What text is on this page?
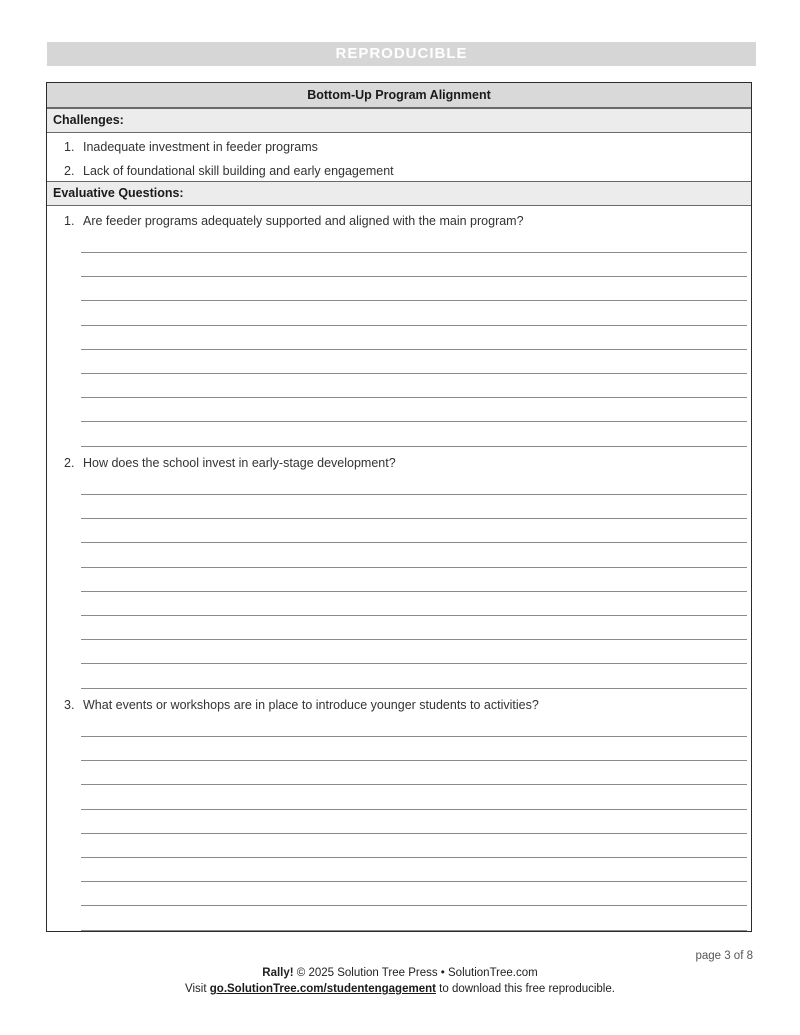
REPRODUCIBLE
Bottom-Up Program Alignment
Challenges:
1. Inadequate investment in feeder programs
2. Lack of foundational skill building and early engagement
Evaluative Questions:
1. Are feeder programs adequately supported and aligned with the main program?
2. How does the school invest in early-stage development?
3. What events or workshops are in place to introduce younger students to activities?
page 3 of 8
Rally! © 2025 Solution Tree Press • SolutionTree.com
Visit go.SolutionTree.com/studentengagement to download this free reproducible.
